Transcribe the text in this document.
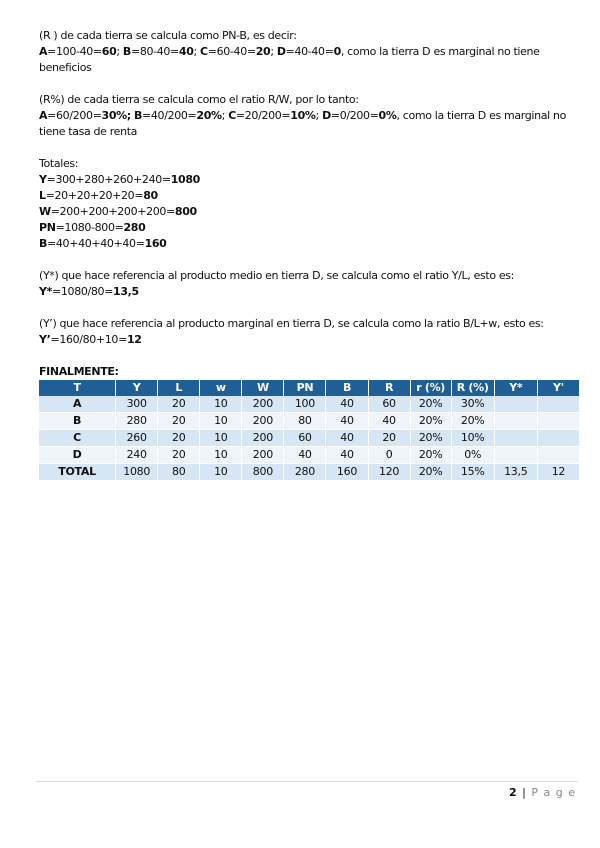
(R ) de cada tierra se calcula como PN-B, es decir:

A=100-40=60; B=80-40=40; C=60-40=20; D=40-40=0, como la tierra D es marginal no tiene beneficios

(R%) de cada tierra se calcula como el ratio R/W, por lo tanto:

A=60/200=30%; B=40/200=20%; C=20/200=10%; D=0/200=0%, como la tierra D es marginal no tiene tasa de renta

Totales:

Y=300+280+260+240=1080

L=20+20+20+20=80

W=200+200+200+200=800

PN=1080-800=280

B=40+40+40+40=160

(Y*) que hace referencia al producto medio en tierra D, se calcula como el ratio Y/L, esto es:

Y*=1080/80=13,5

(Y’) que hace referencia al producto marginal en tierra D, se calcula como la ratio B/L+w, esto es:

Y’=160/80+10=12

FINALMENTE:

T	Y	L	w	W	PN	B	R	r (%)	R (%)	Y*	Y'
A	300	20	10	200	100	40	60	20%	30%		
B	280	20	10	200	80	40	40	20%	20%		
C	260	20	10	200	60	40	20	20%	10%		
D	240	20	10	200	40	40	0	20%	0%		
TOTAL	1080	80	10	800	280	160	120	20%	15%	13,5	12
2 | P a g e
